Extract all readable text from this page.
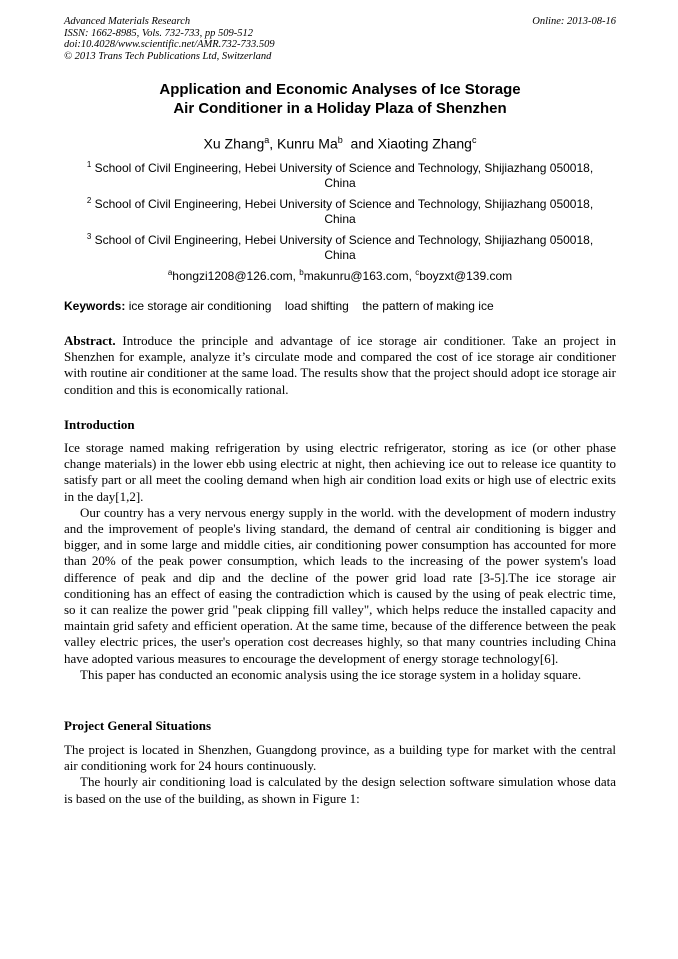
Advanced Materials Research
ISSN: 1662-8985, Vols. 732-733, pp 509-512
doi:10.4028/www.scientific.net/AMR.732-733.509
© 2013 Trans Tech Publications Ltd, Switzerland
Online: 2013-08-16
Application and Economic Analyses of Ice Storage
Air Conditioner in a Holiday Plaza of Shenzhen
Xu Zhang$^a$, Kunru Ma$^b$  and Xiaoting Zhang$^c$
$^1$ School of Civil Engineering, Hebei University of Science and Technology, Shijiazhang 050018,
China
$^2$ School of Civil Engineering, Hebei University of Science and Technology, Shijiazhang 050018,
China
$^3$ School of Civil Engineering, Hebei University of Science and Technology, Shijiazhang 050018,
China
$^a$hongzi1208@126.com, $^b$makunru@163.com, $^c$boyzxt@139.com
Keywords: ice storage air conditioning load shifting the pattern of making ice

Abstract. Introduce the principle and advantage of ice storage air conditioner. Take an project in Shenzhen for example, analyze it’s circulate mode and compared the cost of ice storage air conditioner with routine air conditioner at the same load. The results show that the project should adopt ice storage air condition and this is economically rational.

Introduction

Ice storage named making refrigeration by using electric refrigerator, storing as ice (or other phase change materials) in the lower ebb using electric at night, then achieving ice out to release ice quantity to satisfy part or all meet the cooling demand when high air condition load exits or high use of electric exits in the day[1,2].

Our country has a very nervous energy supply in the world. with the development of modern industry and the improvement of people's living standard, the demand of central air conditioning is bigger and bigger, and in some large and middle cities, air conditioning power consumption has accounted for more than 20% of the peak power consumption, which leads to the increasing of the power system's load difference of peak and dip and the decline of the power grid load rate [3-5].The ice storage air conditioning has an effect of easing the contradiction which is caused by the using of peak electric time, so it can realize the power grid "peak clipping fill valley", which helps reduce the installed capacity and maintain grid safety and efficient operation. At the same time, because of the difference between the peak valley electric prices, the user's operation cost decreases highly, so that many countries including China have adopted various measures to encourage the development of energy storage technology[6].

This paper has conducted an economic analysis using the ice storage system in a holiday square.

Project General Situations

The project is located in Shenzhen, Guangdong province, as a building type for market with the central air conditioning work for 24 hours continuously.

The hourly air conditioning load is calculated by the design selection software simulation whose data is based on the use of the building, as shown in Figure 1:
